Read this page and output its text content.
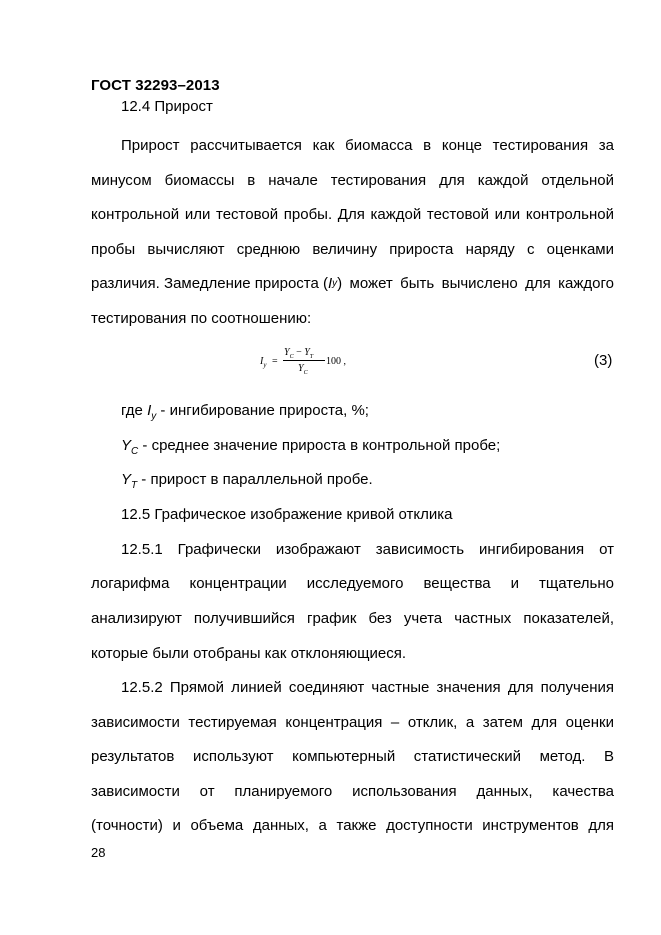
ГОСТ 32293–2013
12.4 Прирост
Прирост рассчитывается как биомасса в конце тестирования за
минусом биомассы в начале тестирования для каждой отдельной
контрольной или тестовой пробы. Для каждой тестовой или контрольной
пробы вычисляют среднюю величину прироста наряду с оценками
различия. Замедление прироста ( I y ) может быть вычислено для каждого
тестирования по соотношению:
$I_y$ =
$Y_C - Y_T$
$Y_C$
100 ,	(3)
где $I_y$ - ингибирование прироста, %;
$Y_C$ - среднее значение прироста в контрольной пробе;
$Y_T$ - прирост в параллельной пробе.
12.5 Графическое изображение кривой отклика
12.5.1 Графически изображают зависимость ингибирования от
логарифма концентрации исследуемого вещества и тщательно
анализируют получившийся график без учета частных показателей,
которые были отобраны как отклоняющиеся.
12.5.2 Прямой линией соединяют частные значения для получения
зависимости тестируемая концентрация – отклик, а затем для оценки
результатов используют компьютерный статистический метод. В
зависимости от планируемого использования данных, качества
(точности) и объема данных, а также доступности инструментов для
28
